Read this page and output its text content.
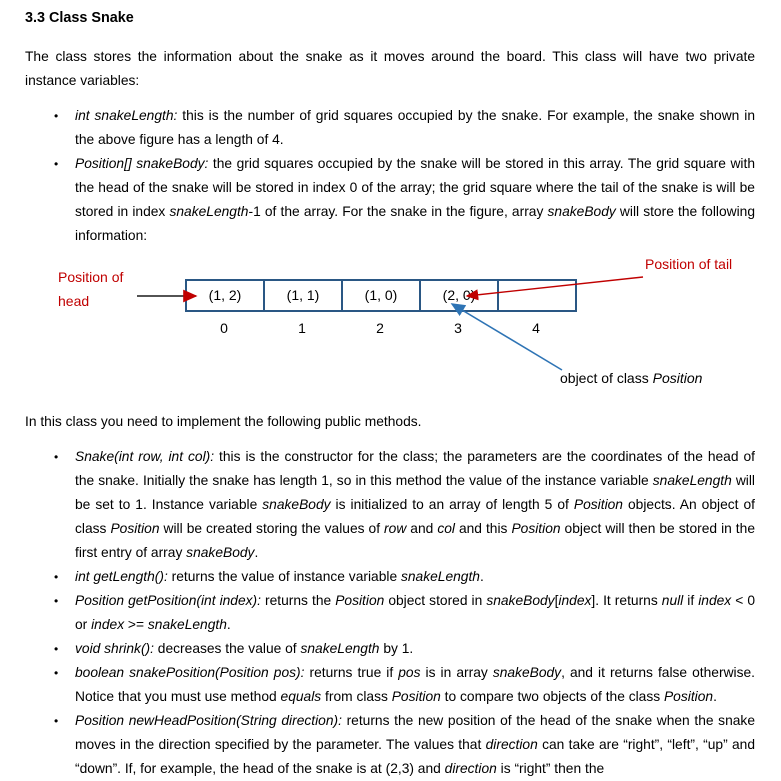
3.3 Class Snake

The class stores the information about the snake as it moves around the board. This class will have two private instance variables:

•	int snakeLength: this is the number of grid squares occupied by the snake. For example, the snake shown in the above figure has a length of 4.
•	Position[] snakeBody: the grid squares occupied by the snake will be stored in this array. The grid square with the head of the snake will be stored in index 0 of the array; the grid square where the tail of the snake is will be stored in index snakeLength-1 of the array. For the snake in the figure, array snakeBody will store the following information:
(1, 2)	(1, 1)	(1, 0)	(2, 0)
0	1	2	3	4
Position of head
Position of tail
object of class Position

In this class you need to implement the following public methods.

•	Snake(int row, int col): this is the constructor for the class; the parameters are the coordinates of the head of the snake. Initially the snake has length 1, so in this method the value of the instance variable snakeLength will be set to 1. Instance variable snakeBody is initialized to an array of length 5 of Position objects. An object of class Position will be created storing the values of row and col and this Position object will then be stored in the first entry of array snakeBody.
•	int getLength(): returns the value of instance variable snakeLength.
•	Position getPosition(int index): returns the Position object stored in snakeBody[index]. It returns null if index < 0 or index >= snakeLength.
•	void shrink(): decreases the value of snakeLength by 1.
•	boolean snakePosition(Position pos): returns true if pos is in array snakeBody, and it returns false otherwise. Notice that you must use method equals from class Position to compare two objects of the class Position.
•	Position newHeadPosition(String direction): returns the new position of the head of the snake when the snake moves in the direction specified by the parameter. The values that direction can take are “right”, “left”, “up” and “down”. If, for example, the head of the snake is at (2,3) and direction is “right” then the
